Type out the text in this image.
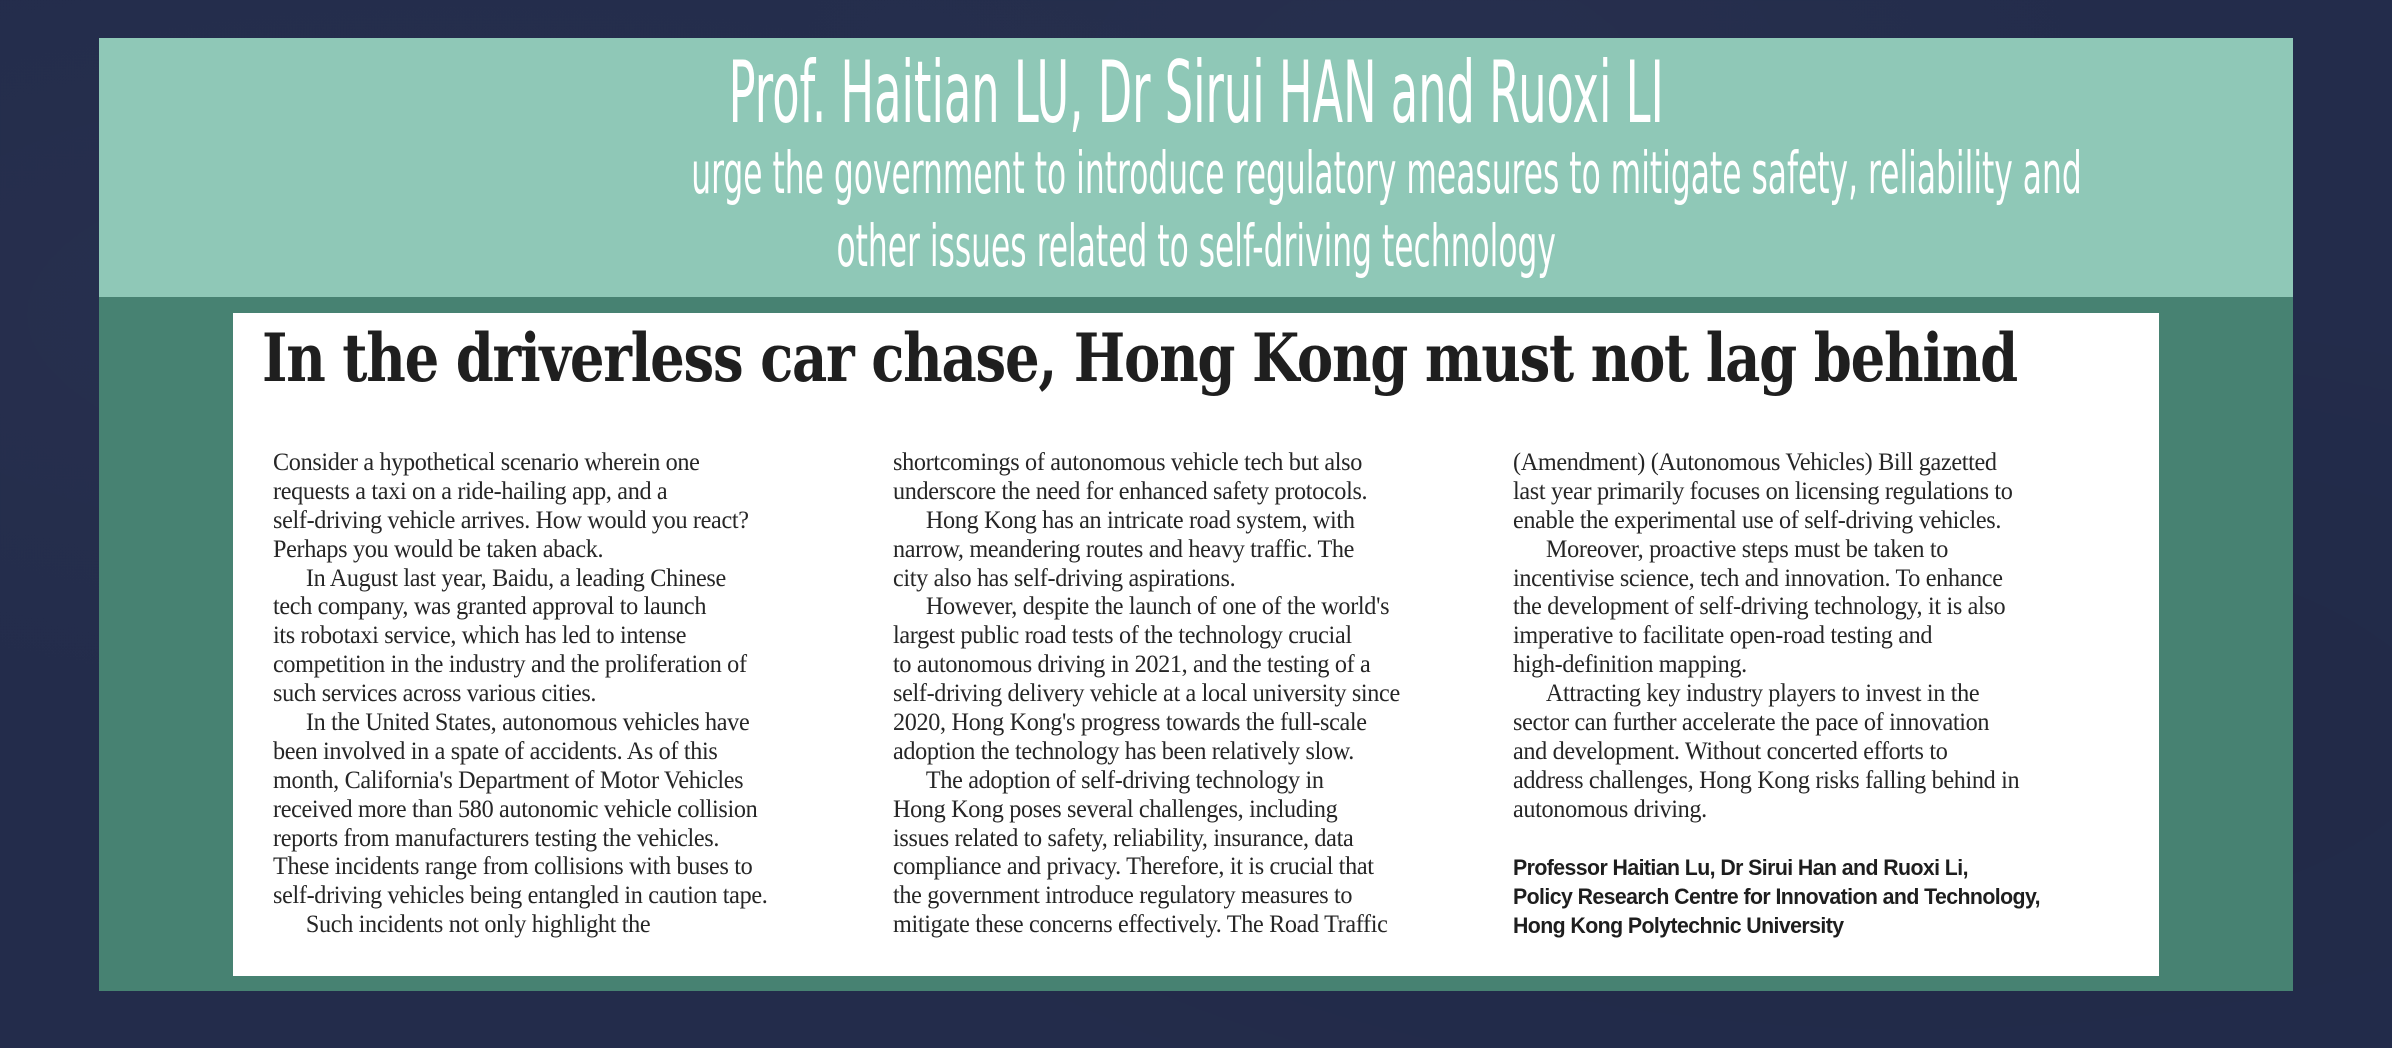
Prof. Haitian LU, Dr Sirui HAN and Ruoxi LI
urge the government to introduce regulatory measures to mitigate safety, reliability and
other issues related to self-driving technology
In the driverless car chase, Hong Kong must not lag behind
Consider a hypothetical scenario wherein one
requests a taxi on a ride-hailing app, and a
self-driving vehicle arrives. How would you react?
Perhaps you would be taken aback.
In August last year, Baidu, a leading Chinese
tech company, was granted approval to launch
its robotaxi service, which has led to intense
competition in the industry and the proliferation of
such services across various cities.
In the United States, autonomous vehicles have
been involved in a spate of accidents. As of this
month, California's Department of Motor Vehicles
received more than 580 autonomic vehicle collision
reports from manufacturers testing the vehicles.
These incidents range from collisions with buses to
self-driving vehicles being entangled in caution tape.
Such incidents not only highlight the
shortcomings of autonomous vehicle tech but also
underscore the need for enhanced safety protocols.
Hong Kong has an intricate road system, with
narrow, meandering routes and heavy traffic. The
city also has self-driving aspirations.
However, despite the launch of one of the world's
largest public road tests of the technology crucial
to autonomous driving in 2021, and the testing of a
self-driving delivery vehicle at a local university since
2020, Hong Kong's progress towards the full-scale
adoption the technology has been relatively slow.
The adoption of self-driving technology in
Hong Kong poses several challenges, including
issues related to safety, reliability, insurance, data
compliance and privacy. Therefore, it is crucial that
the government introduce regulatory measures to
mitigate these concerns effectively. The Road Traffic
(Amendment) (Autonomous Vehicles) Bill gazetted
last year primarily focuses on licensing regulations to
enable the experimental use of self-driving vehicles.
Moreover, proactive steps must be taken to
incentivise science, tech and innovation. To enhance
the development of self-driving technology, it is also
imperative to facilitate open-road testing and
high-definition mapping.
Attracting key industry players to invest in the
sector can further accelerate the pace of innovation
and development. Without concerted efforts to
address challenges, Hong Kong risks falling behind in
autonomous driving.
Professor Haitian Lu, Dr Sirui Han and Ruoxi Li,
Policy Research Centre for Innovation and Technology,
Hong Kong Polytechnic University
